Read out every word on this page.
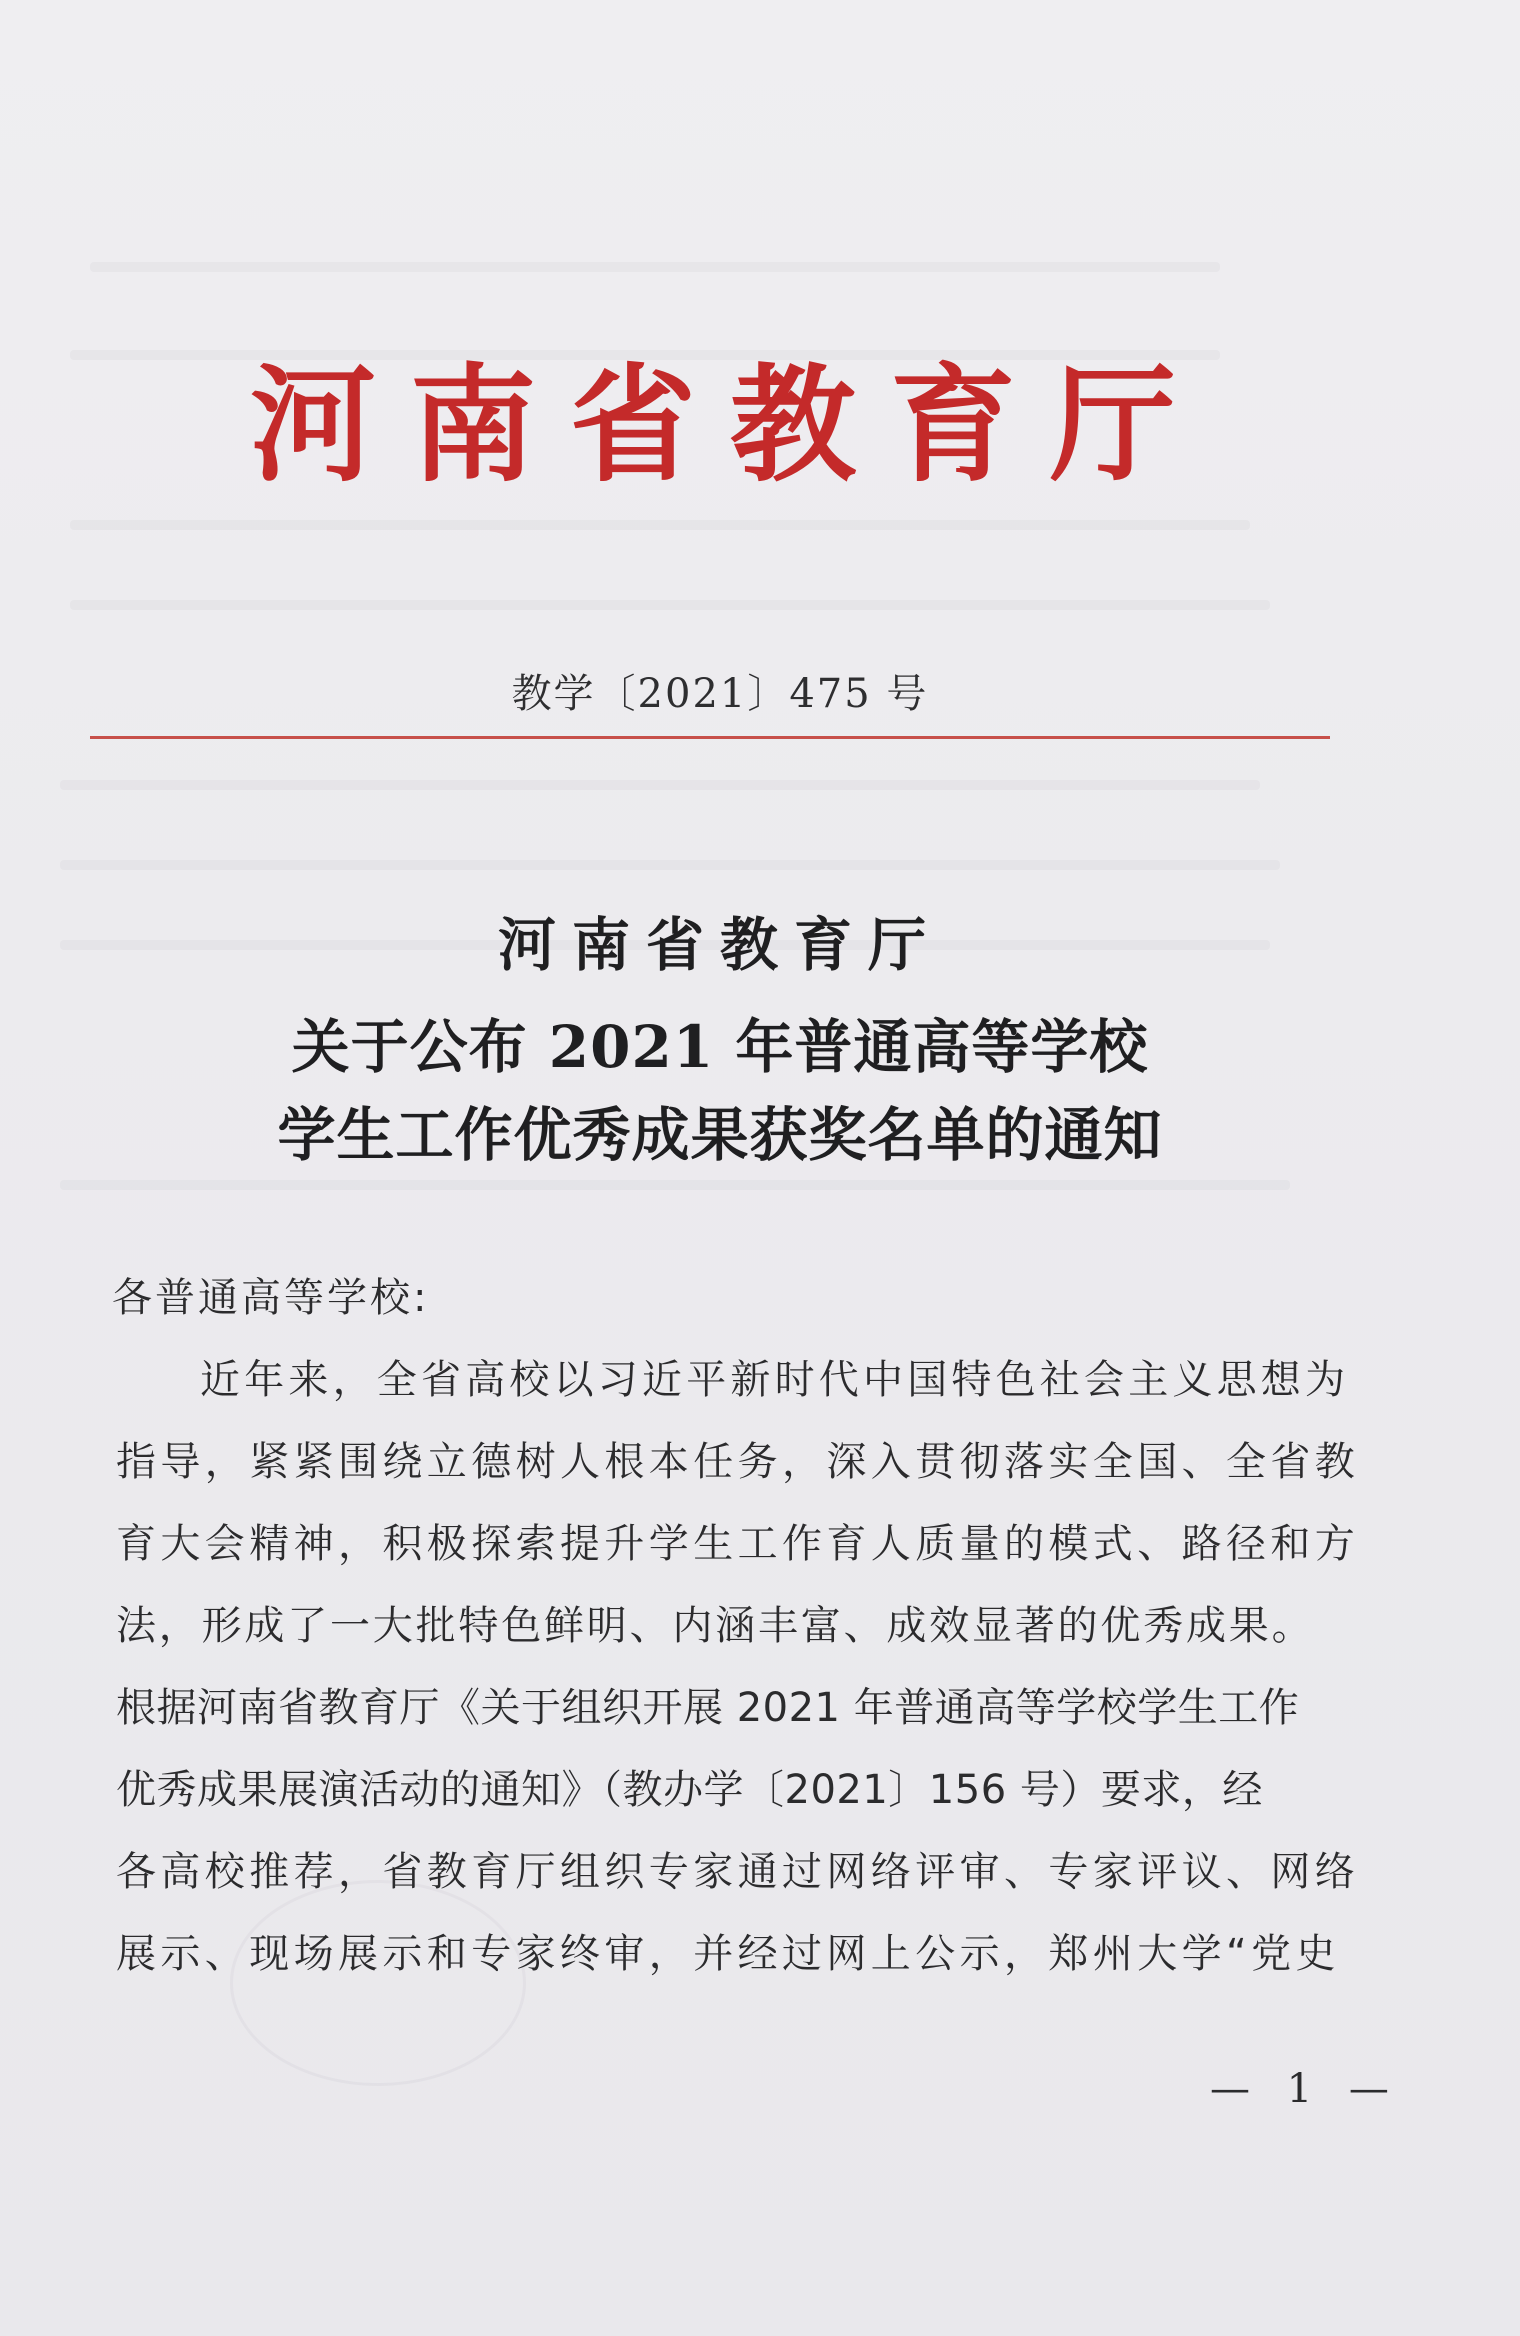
河南省教育厅
教学〔2021〕475 号
河南省教育厅
关于公布 2021 年普通高等学校
学生工作优秀成果获奖名单的通知
各普通高等学校:
近年来，全省高校以习近平新时代中国特色社会主义思想为
指导，紧紧围绕立德树人根本任务，深入贯彻落实全国、全省教
育大会精神，积极探索提升学生工作育人质量的模式、路径和方
法，形成了一大批特色鲜明、内涵丰富、成效显著的优秀成果。
根据河南省教育厅《关于组织开展 2021 年普通高等学校学生工作
优秀成果展演活动的通知》（教办学〔2021〕156 号）要求，经
各高校推荐，省教育厅组织专家通过网络评审、专家评议、网络
展示、现场展示和专家终审，并经过网上公示，郑州大学“党史
— 1 —
